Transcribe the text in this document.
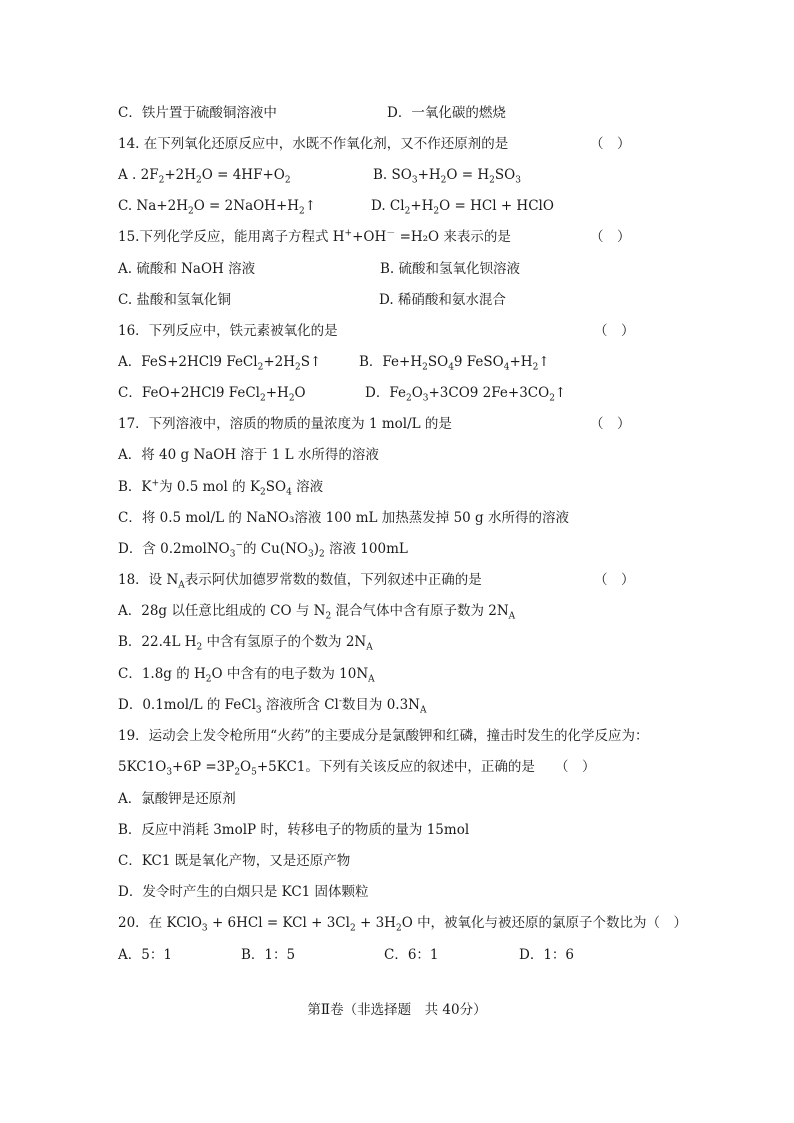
C．铁片置于硫酸铜溶液中	D．一氧化碳的燃烧
14. 在下列氧化还原反应中，水既不作氧化剂，又不作还原剂的是	（　）
A . $2F_2+2H_2O = 4HF+O_2$	B. $SO_3+H_2O = H_2SO_3$
C. $Na+2H_2O$ = $2NaOH+H_2↑$	D. $Cl_2+H_2O$ = HCl + HClO
15.下列化学反应，能用离子方程式 H++OH－ =H₂O 来表示的是	（　）
A. 硫酸和 NaOH 溶液	B. 硫酸和氢氧化钡溶液
C. 盐酸和氢氧化铜	D. 稀硝酸和氨水混合
16．下列反应中，铁元素被氧化的是	（　）
A．FeS+2HCl9 $FeCl_2+2H_2S↑$	B．$Fe+H_2SO_49$ $FeSO_4+H_2↑$
C．FeO+2HCl9 $FeCl_2+H_2O$	D．$Fe_2O_3+3CO9$ $2Fe+3CO_2↑$
17．下列溶液中，溶质的物质的量浓度为 1 mol/L 的是	（　）
A．将 40 g NaOH 溶于 1 L 水所得的溶液
B．K+为 0.5 mol 的 $K_2SO_4$ 溶液
C．将 0.5 mol/L 的 NaNO₃溶液 100 mL 加热蒸发掉 50 g 水所得的溶液
D．含 0.2molNO$_3$−的 $Cu(NO_3)_2$ 溶液 100mL
18．设 $N_A$表示阿伏加德罗常数的数值，下列叙述中正确的是	（　）
A．28g 以任意比组成的 CO 与 $N_2$ 混合气体中含有原子数为 $2N_A$
B．22.4L $H_2$ 中含有氢原子的个数为 $2N_A$
C．1.8g 的 $H_2O$ 中含有的电子数为 $10N_A$
D．0.1mol/L 的 FeCl$_3$ 溶液所含 Cl-数目为 $0.3N_A$
19．运动会上发令枪所用“火药”的主要成分是氯酸钾和红磷，撞击时发生的化学反应为：
$5KC1O_3+6P =3P_2O_5+5KC1$。下列有关该反应的叙述中，正确的是 （　）
A．氯酸钾是还原剂
B．反应中消耗 3molP 时，转移电子的物质的量为 15mol
C．KC1 既是氧化产物，又是还原产物
D．发令时产生的白烟只是 KC1 固体颗粒
20．在 KClO$_3$ + 6HCl = KCl + $3Cl_2 + 3H_2O$ 中，被氧化与被还原的氯原子个数比为（　）
A．5：1	B．1：5	C．6：1	D．1：6
第Ⅱ卷（非选择题　共 40分）
